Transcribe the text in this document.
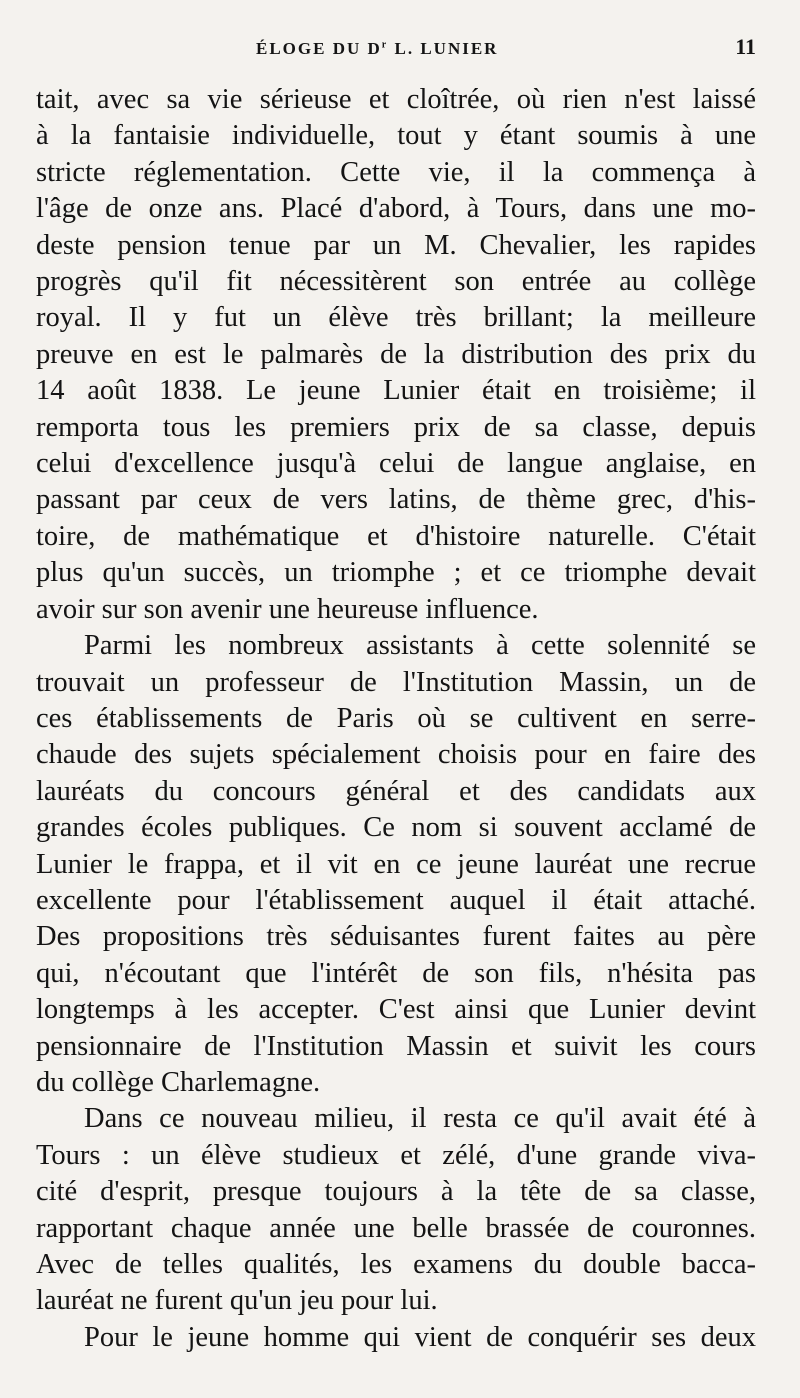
ÉLOGE DU $D^r$ L. LUNIER	11

tait, avec sa vie sérieuse et cloîtrée, où rien n'est laissé
à la fantaisie individuelle, tout y étant soumis à une
stricte réglementation. Cette vie, il la commença à
l'âge de onze ans. Placé d'abord, à Tours, dans une mo-
deste pension tenue par un M. Chevalier, les rapides
progrès qu'il fit nécessitèrent son entrée au collège
royal. Il y fut un élève très brillant; la meilleure
preuve en est le palmarès de la distribution des prix du
14 août 1838. Le jeune Lunier était en troisième; il
remporta tous les premiers prix de sa classe, depuis
celui d'excellence jusqu'à celui de langue anglaise, en
passant par ceux de vers latins, de thème grec, d'his-
toire, de mathématique et d'histoire naturelle. C'était
plus qu'un succès, un triomphe ; et ce triomphe devait
avoir sur son avenir une heureuse influence.

Parmi les nombreux assistants à cette solennité se
trouvait un professeur de l'Institution Massin, un de
ces établissements de Paris où se cultivent en serre-
chaude des sujets spécialement choisis pour en faire des
lauréats du concours général et des candidats aux
grandes écoles publiques. Ce nom si souvent acclamé de
Lunier le frappa, et il vit en ce jeune lauréat une recrue
excellente pour l'établissement auquel il était attaché.
Des propositions très séduisantes furent faites au père
qui, n'écoutant que l'intérêt de son fils, n'hésita pas
longtemps à les accepter. C'est ainsi que Lunier devint
pensionnaire de l'Institution Massin et suivit les cours
du collège Charlemagne.

Dans ce nouveau milieu, il resta ce qu'il avait été à
Tours : un élève studieux et zélé, d'une grande viva-
cité d'esprit, presque toujours à la tête de sa classe,
rapportant chaque année une belle brassée de couronnes.
Avec de telles qualités, les examens du double bacca-
lauréat ne furent qu'un jeu pour lui.

Pour le jeune homme qui vient de conquérir ses deux
